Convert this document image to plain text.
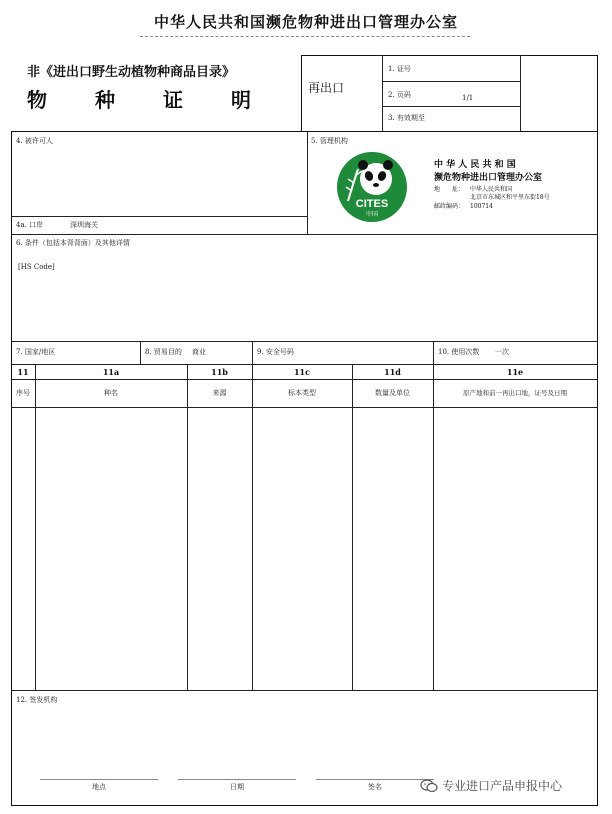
中华人民共和国濒危物种进出口管理办公室
非《进出口野生动植物种商品目录》
物 种 证 明	再出口
1. 证号
2. 页码	1/1
3. 有效期至
4. 被许可人	5. 管理机构
4a. 口岸	深圳海关
CITES
中国
中 华 人 民 共 和 国
濒危物种进出口管理办公室
地　　址： 中华人民共和国
北京市东城区和平里东街18号
邮政编码： 100714
6. 条件（包括本背背面）及其他详情
[HS Code]
7. 国家/地区	8. 贸易目的 商业	9. 安全号码	10. 使用次数 一次
11	11a	11b	11c	11d	11e
序号	种名	来源	标本类型	数量及单位	原产地和前一再出口地，证号及日期
12. 签发机构
地点	日期	签名	专业进口产品申报中心
